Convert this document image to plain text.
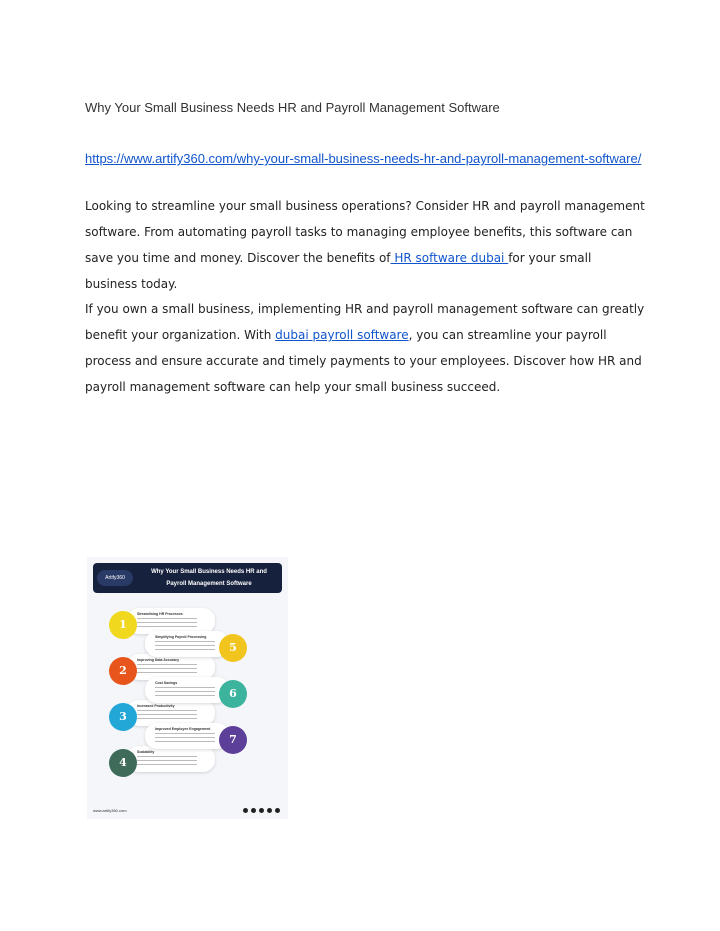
Why Your Small Business Needs HR and Payroll Management Software
https://www.artify360.com/why-your-small-business-needs-hr-and-payroll-management-software/
Looking to streamline your small business operations? Consider HR and payroll management software. From automating payroll tasks to managing employee benefits, this software can save you time and money. Discover the benefits of HR software dubai for your small business today.
If you own a small business, implementing HR and payroll management software can greatly benefit your organization. With dubai payroll software, you can streamline your payroll process and ensure accurate and timely payments to your employees. Discover how HR and payroll management software can help your small business succeed.
Artify360
Why Your Small Business Needs HR and Payroll Management Software
Streamlining HR Processes
1
Improving Data Accuracy
2
Increased Productivity
3
Scalability
4
Simplifying Payroll Processing
5
Cost Savings
6
Improved Employee Engagement
7
www.artify360.com
